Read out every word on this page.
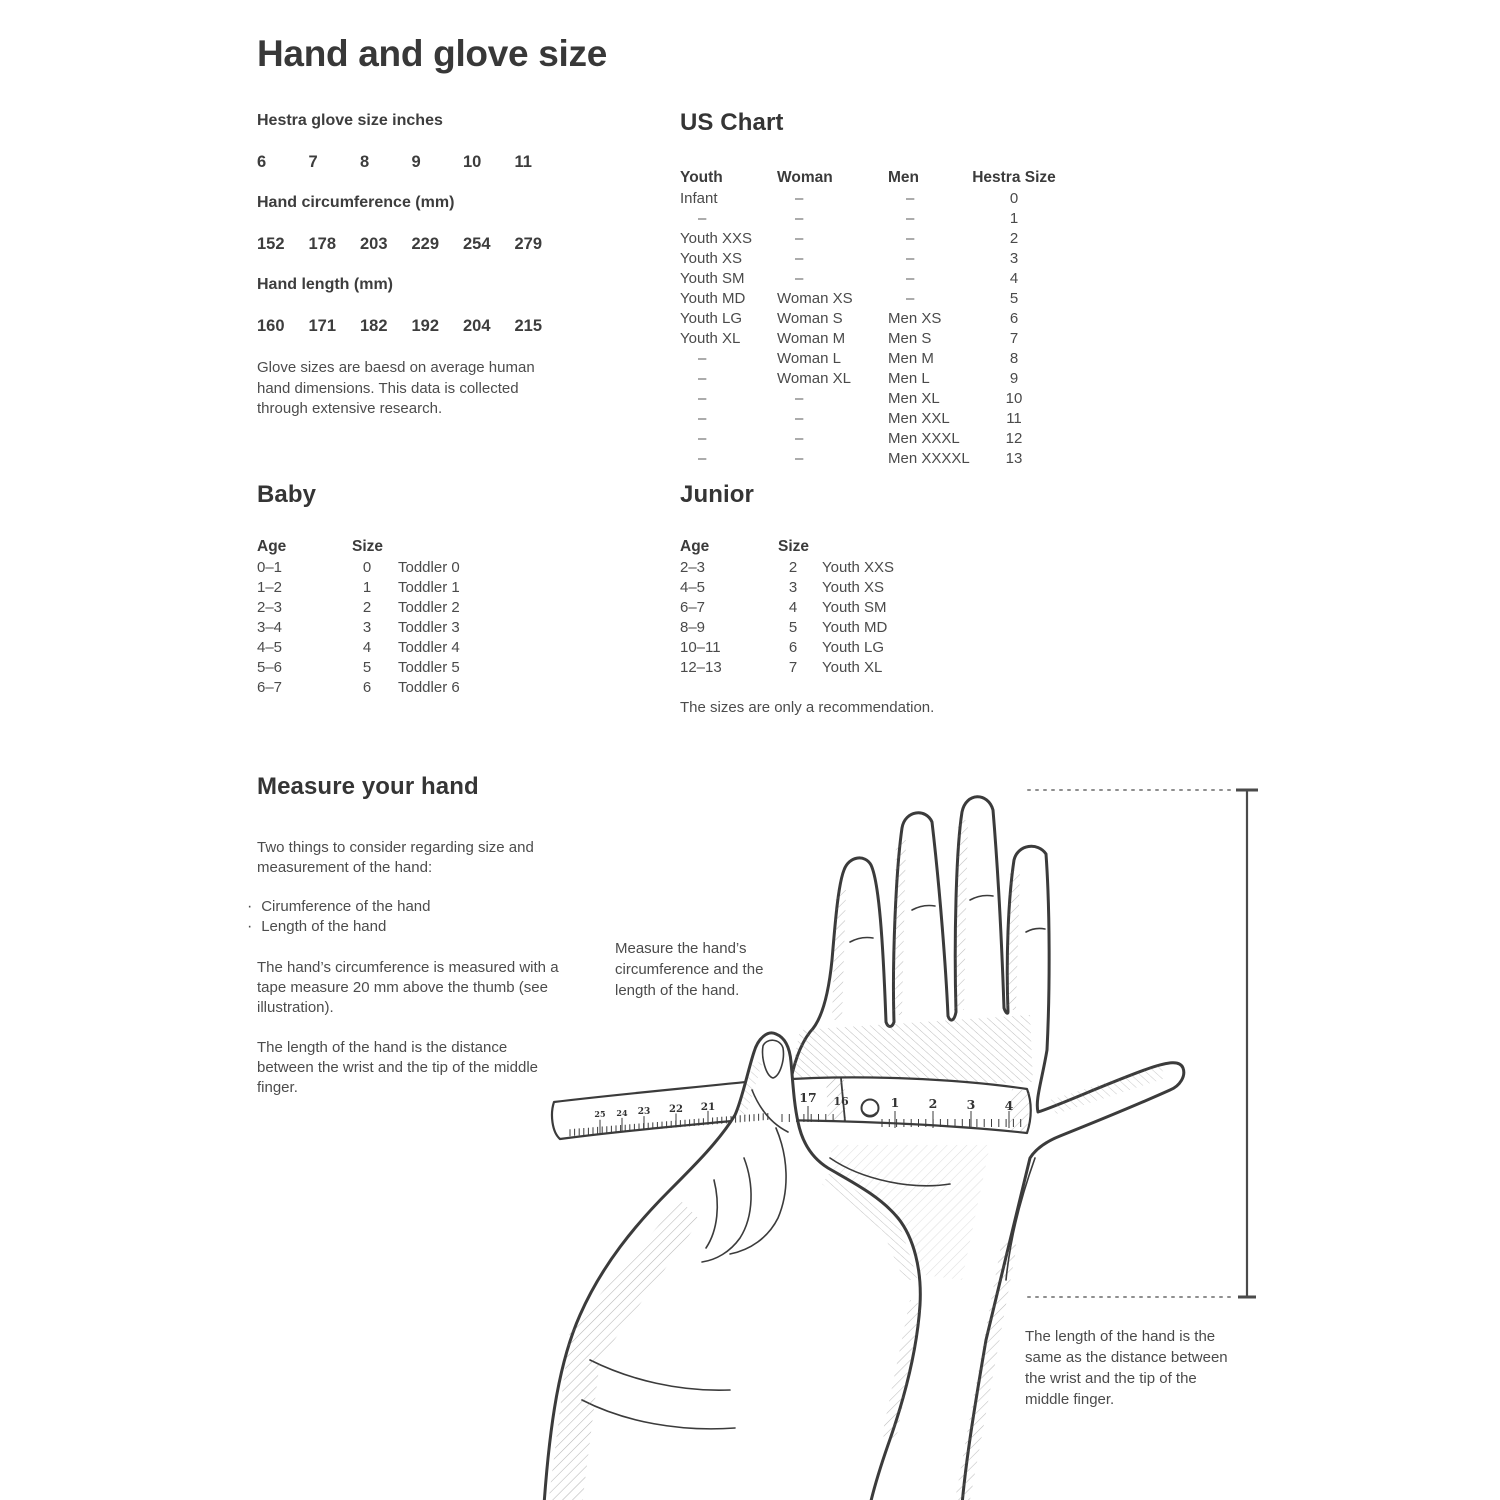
Hand and glove size
Hestra glove size inches
6	7	8	9	10	11
Hand circumference (mm)
152	178	203	229	254	279
Hand length (mm)
160	171	182	192	204	215
Glove sizes are baesd on average human hand dimensions. This data is collected through extensive research.
US Chart
Youth	Woman	Men	Hestra Size
Infant	–	–	0
–	–	–	1
Youth XXS	–	–	2
Youth XS	–	–	3
Youth SM	–	–	4
Youth MD	Woman XS	–	5
Youth LG	Woman S	Men XS	6
Youth XL	Woman M	Men S	7
–	Woman L	Men M	8
–	Woman XL	Men L	9
–	–	Men XL	10
–	–	Men XXL	11
–	–	Men XXXL	12
–	–	Men XXXXL	13
Baby
Age	Size
0–1	0	Toddler 0
1–2	1	Toddler 1
2–3	2	Toddler 2
3–4	3	Toddler 3
4–5	4	Toddler 4
5–6	5	Toddler 5
6–7	6	Toddler 6
Junior
Age	Size
2–3	2	Youth XXS
4–5	3	Youth XS
6–7	4	Youth SM
8–9	5	Youth MD
10–11	6	Youth LG
12–13	7	Youth XL
The sizes are only a recommendation.
Measure your hand
Two things to consider regarding size and measurement of the hand:
·  Cirumference of the hand
·  Length of the hand
The hand’s circumference is measured with a tape measure 20 mm above the thumb (see illustration).
The length of the hand is the distance between the wrist and the tip of the middle finger.
Measure the hand’s circumference and the length of the hand.
The length of the hand is the same as the distance between the wrist and the tip of the middle finger.
25 24 23 22 21
17 16	1 2 3 4
